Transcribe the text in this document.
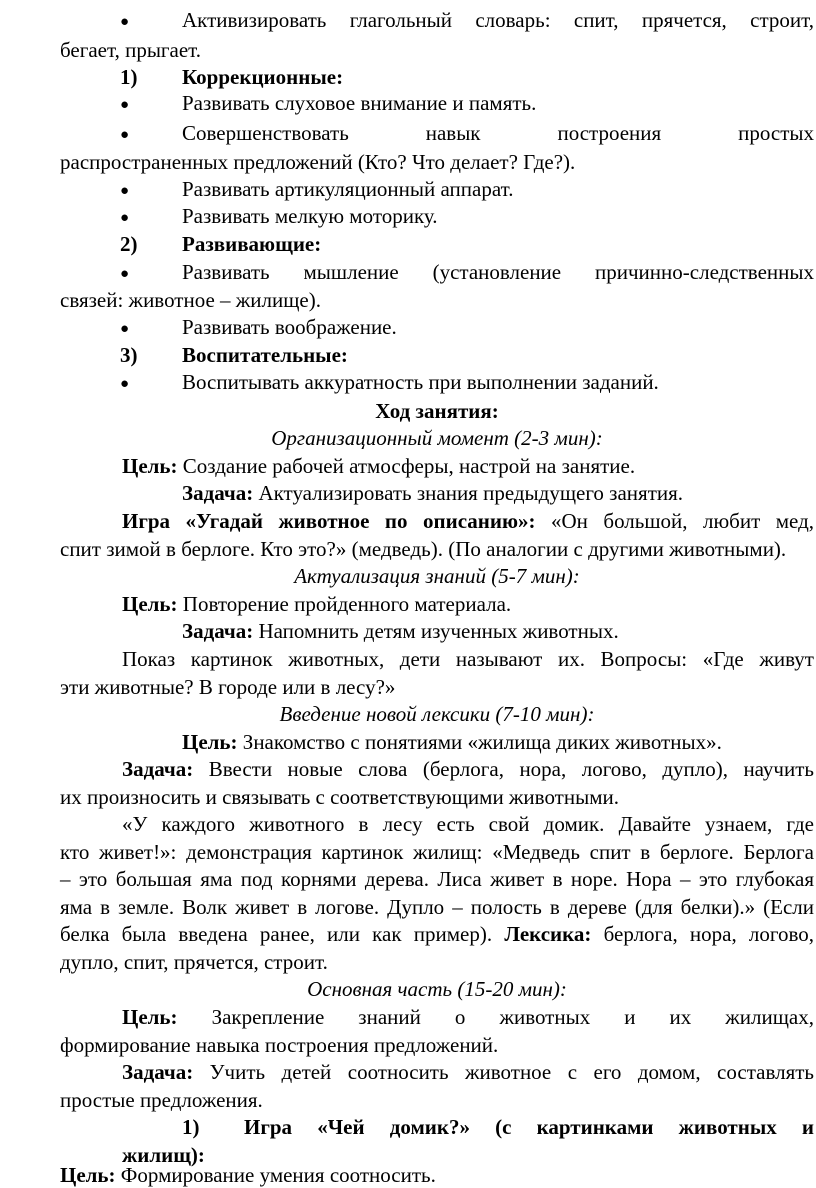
●	Активизировать глагольный словарь: спит, прячется, строит,
бегает, прыгает.
1) Коррекционные:
●	Развивать слуховое внимание и память.
●	Совершенствовать навык построения простых
распространенных предложений (Кто? Что делает? Где?).
●	Развивать артикуляционный аппарат.
●	Развивать мелкую моторику.
2) Развивающие:
●	Развивать мышление (установление причинно-следственных
связей: животное – жилище).
●	Развивать воображение.
3) Воспитательные:
●	Воспитывать аккуратность при выполнении заданий.
Ход занятия:
Организационный момент (2-3 мин):
Цель: Создание рабочей атмосферы, настрой на занятие.
Задача: Актуализировать знания предыдущего занятия.
Игра «Угадай животное по описанию»: «Он большой, любит мед,
спит зимой в берлоге. Кто это?» (медведь). (По аналогии с другими животными).
Актуализация знаний (5-7 мин):
Цель: Повторение пройденного материала.
Задача: Напомнить детям изученных животных.
Показ картинок животных, дети называют их. Вопросы: «Где живут
эти животные? В городе или в лесу?»
Введение новой лексики (7-10 мин):
Цель: Знакомство с понятиями «жилища диких животных».
Задача: Ввести новые слова (берлога, нора, логово, дупло), научить
их произносить и связывать с соответствующими животными.
«У каждого животного в лесу есть свой домик. Давайте узнаем, где
кто живет!»: демонстрация картинок жилищ: «Медведь спит в берлоге. Берлога
– это большая яма под корнями дерева. Лиса живет в норе. Нора – это глубокая
яма в земле. Волк живет в логове. Дупло – полость в дереве (для белки).» (Если
белка была введена ранее, или как пример). Лексика: берлога, нора, логово,
дупло, спит, прячется, строит.
Основная часть (15-20 мин):
Цель: Закрепление знаний о животных и их жилищах,
формирование навыка построения предложений.
Задача: Учить детей соотносить животное с его домом, составлять
простые предложения.
1) Игра «Чей домик?» (с картинками животных и
жилищ):
Цель: Формирование умения соотносить.
